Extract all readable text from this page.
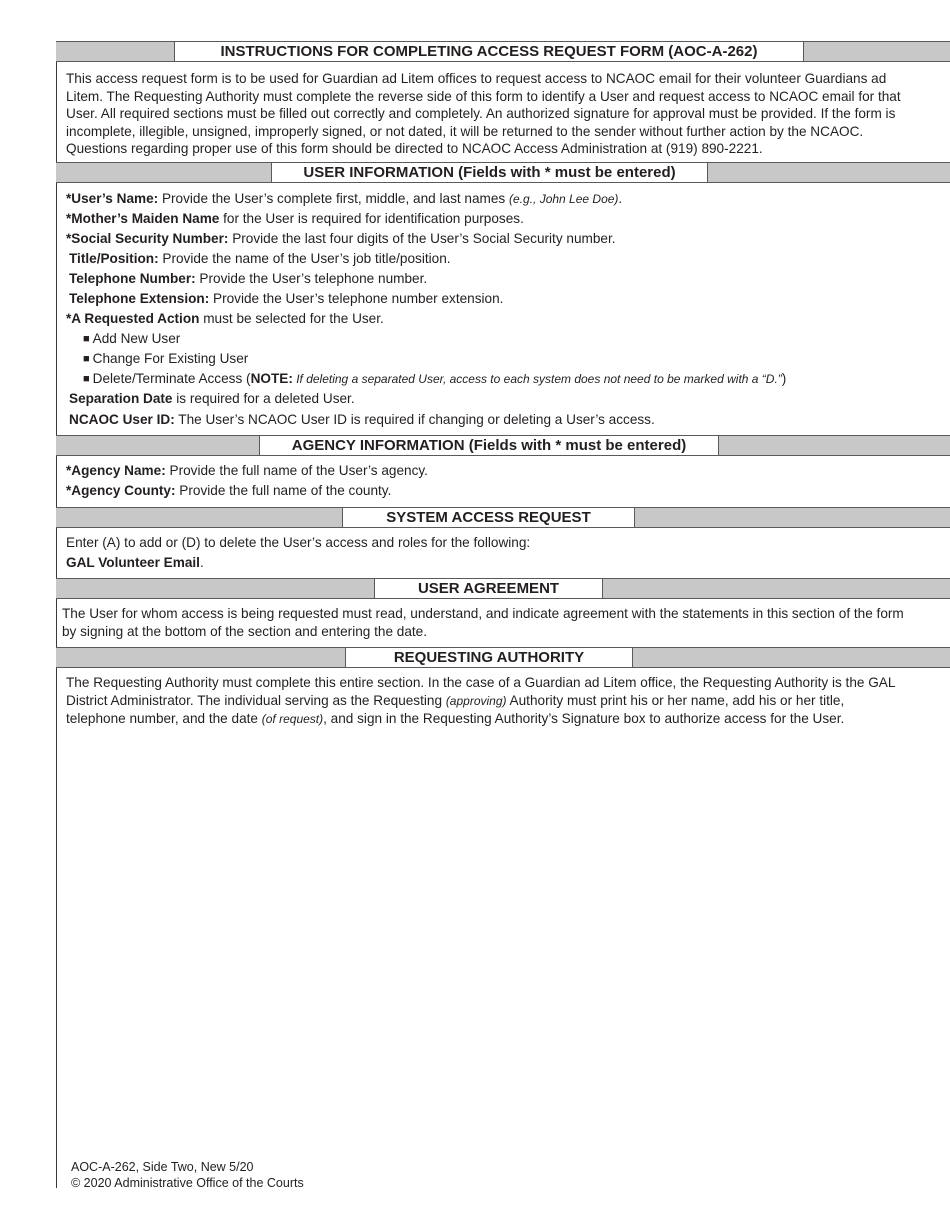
INSTRUCTIONS FOR COMPLETING ACCESS REQUEST FORM (AOC-A-262)
This access request form is to be used for Guardian ad Litem offices to request access to NCAOC email for their volunteer Guardians ad Litem. The Requesting Authority must complete the reverse side of this form to identify a User and request access to NCAOC email for that User. All required sections must be filled out correctly and completely. An authorized signature for approval must be provided. If the form is incomplete, illegible, unsigned, improperly signed, or not dated, it will be returned to the sender without further action by the NCAOC. Questions regarding proper use of this form should be directed to NCAOC Access Administration at (919) 890-2221.
USER INFORMATION (Fields with * must be entered)
*User’s Name: Provide the User’s complete first, middle, and last names (e.g., John Lee Doe).
*Mother’s Maiden Name for the User is required for identification purposes.
*Social Security Number: Provide the last four digits of the User’s Social Security number.
Title/Position: Provide the name of the User’s job title/position.
Telephone Number: Provide the User’s telephone number.
Telephone Extension: Provide the User’s telephone number extension.
*A Requested Action must be selected for the User.
■ Add New User
■ Change For Existing User
■ Delete/Terminate Access (NOTE: If deleting a separated User, access to each system does not need to be marked with a “D.”)
Separation Date is required for a deleted User.
NCAOC User ID: The User’s NCAOC User ID is required if changing or deleting a User’s access.
AGENCY INFORMATION (Fields with * must be entered)
*Agency Name: Provide the full name of the User’s agency.
*Agency County: Provide the full name of the county.
SYSTEM ACCESS REQUEST
Enter (A) to add or (D) to delete the User’s access and roles for the following:
GAL Volunteer Email.
USER AGREEMENT
The User for whom access is being requested must read, understand, and indicate agreement with the statements in this section of the form by signing at the bottom of the section and entering the date.
REQUESTING AUTHORITY
The Requesting Authority must complete this entire section. In the case of a Guardian ad Litem office, the Requesting Authority is the GAL District Administrator. The individual serving as the Requesting (approving) Authority must print his or her name, add his or her title, telephone number, and the date (of request), and sign in the Requesting Authority’s Signature box to authorize access for the User.
AOC-A-262, Side Two, New 5/20
© 2020 Administrative Office of the Courts
